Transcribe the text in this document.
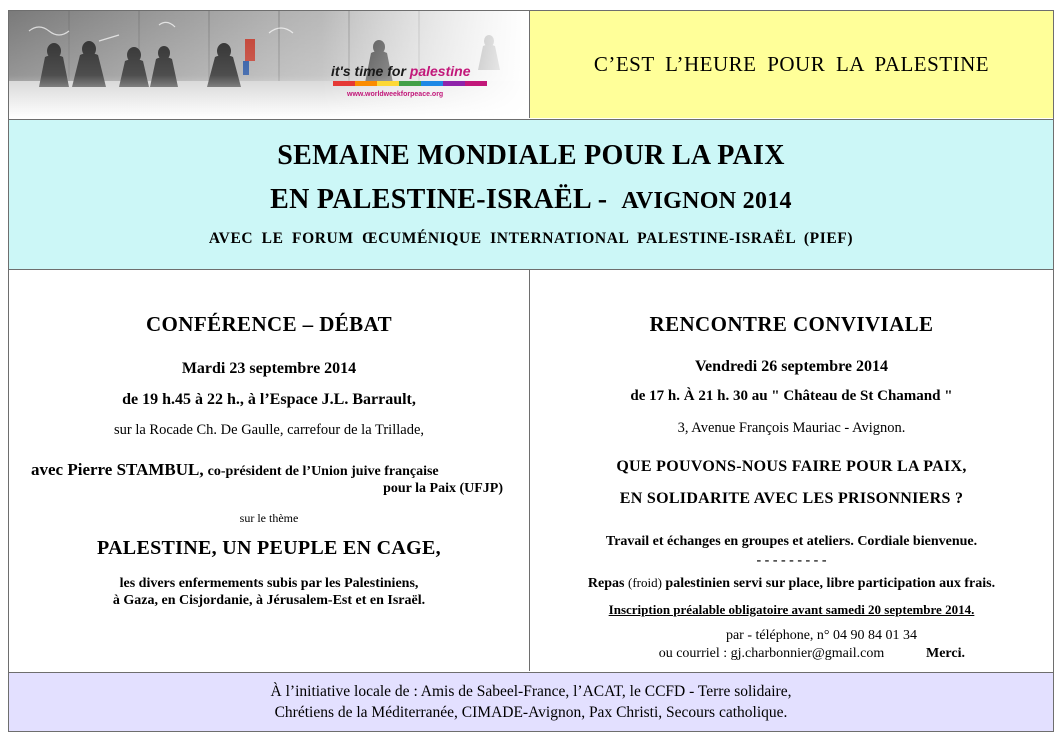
it's time for palestine
www.worldweekforpeace.org
C’EST L’HEURE POUR LA PALESTINE
SEMAINE MONDIALE POUR LA PAIX
EN PALESTINE-ISRAËL - AVIGNON 2014
AVEC LE FORUM ŒCUMÉNIQUE INTERNATIONAL PALESTINE-ISRAËL (PIEF)
CONFÉRENCE – DÉBAT
Mardi 23 septembre 2014
de 19 h.45 à 22 h., à l’Espace J.L. Barrault,
sur la Rocade Ch. De Gaulle, carrefour de la Trillade,
avec Pierre STAMBUL, co-président de l’Union juive française
pour la Paix (UFJP)
sur le thème
PALESTINE, UN PEUPLE EN CAGE,
les divers enfermements subis par les Palestiniens,
à Gaza, en Cisjordanie, à Jérusalem-Est et en Israël.
RENCONTRE CONVIVIALE
Vendredi 26 septembre 2014
de 17 h. À 21 h. 30 au " Château de St Chamand "
3, Avenue François Mauriac - Avignon.
QUE POUVONS-NOUS FAIRE POUR LA PAIX,
EN SOLIDARITE AVEC LES PRISONNIERS ?
Travail et échanges en groupes et ateliers. Cordiale bienvenue.
- - - - - - - - -
Repas (froid) palestinien servi sur place, libre participation aux frais.
Inscription préalable obligatoire avant samedi 20 septembre 2014.
par - téléphone, n° 04 90 84 01 34
ou courriel : gj.charbonnier@gmail.com	Merci.
À l’initiative locale de : Amis de Sabeel-France, l’ACAT, le CCFD - Terre solidaire,
Chrétiens de la Méditerranée, CIMADE-Avignon, Pax Christi, Secours catholique.
